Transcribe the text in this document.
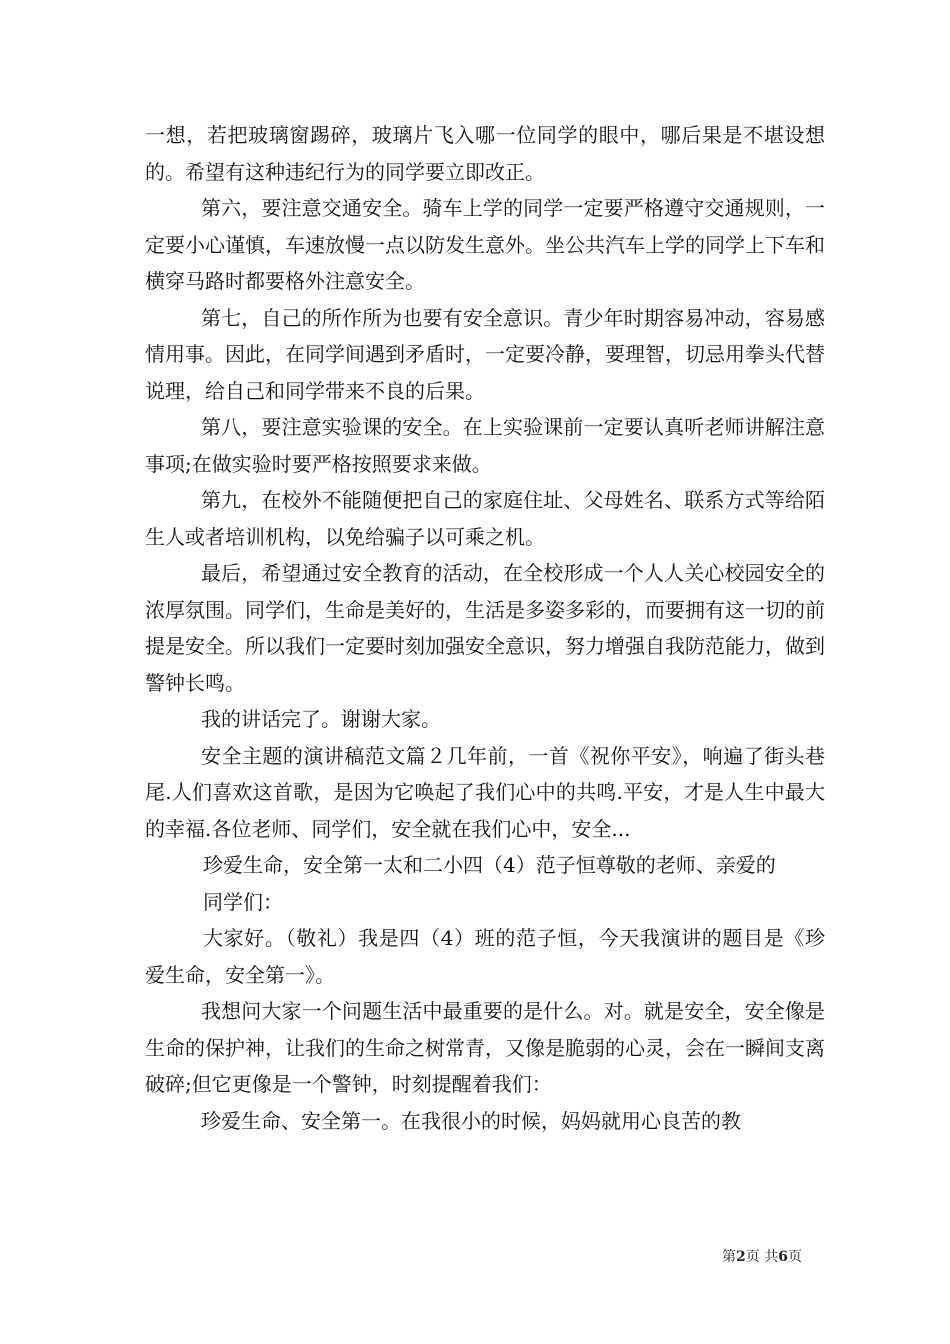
一想，若把玻璃窗踢碎，玻璃片飞入哪一位同学的眼中，哪后果是不堪设想的。希望有这种违纪行为的同学要立即改正。

第六，要注意交通安全。骑车上学的同学一定要严格遵守交通规则，一定要小心谨慎，车速放慢一点以防发生意外。坐公共汽车上学的同学上下车和横穿马路时都要格外注意安全。

第七，自己的所作所为也要有安全意识。青少年时期容易冲动，容易感情用事。因此，在同学间遇到矛盾时，一定要冷静，要理智，切忌用拳头代替说理，给自己和同学带来不良的后果。

第八，要注意实验课的安全。在上实验课前一定要认真听老师讲解注意事项;在做实验时要严格按照要求来做。

第九，在校外不能随便把自己的家庭住址、父母姓名、联系方式等给陌生人或者培训机构，以免给骗子以可乘之机。

最后，希望通过安全教育的活动，在全校形成一个人人关心校园安全的浓厚氛围。同学们，生命是美好的，生活是多姿多彩的，而要拥有这一切的前提是安全。所以我们一定要时刻加强安全意识，努力增强自我防范能力，做到警钟长鸣。

我的讲话完了。谢谢大家。

安全主题的演讲稿范文篇２几年前，一首《祝你平安》，响遍了街头巷尾.人们喜欢这首歌，是因为它唤起了我们心中的共鸣.平安，才是人生中最大的幸福.各位老师、同学们，安全就在我们心中，安全...

珍爱生命，安全第一太和二小四（4）范子恒尊敬的老师、亲爱的

同学们：

大家好。（敬礼）我是四（4）班的范子恒，今天我演讲的题目是《珍爱生命，安全第一》。

我想问大家一个问题生活中最重要的是什么。对。就是安全，安全像是生命的保护神，让我们的生命之树常青，又像是脆弱的心灵，会在一瞬间支离破碎;但它更像是一个警钟，时刻提醒着我们：

珍爱生命、安全第一。在我很小的时候，妈妈就用心良苦的教

第2页 共6页
